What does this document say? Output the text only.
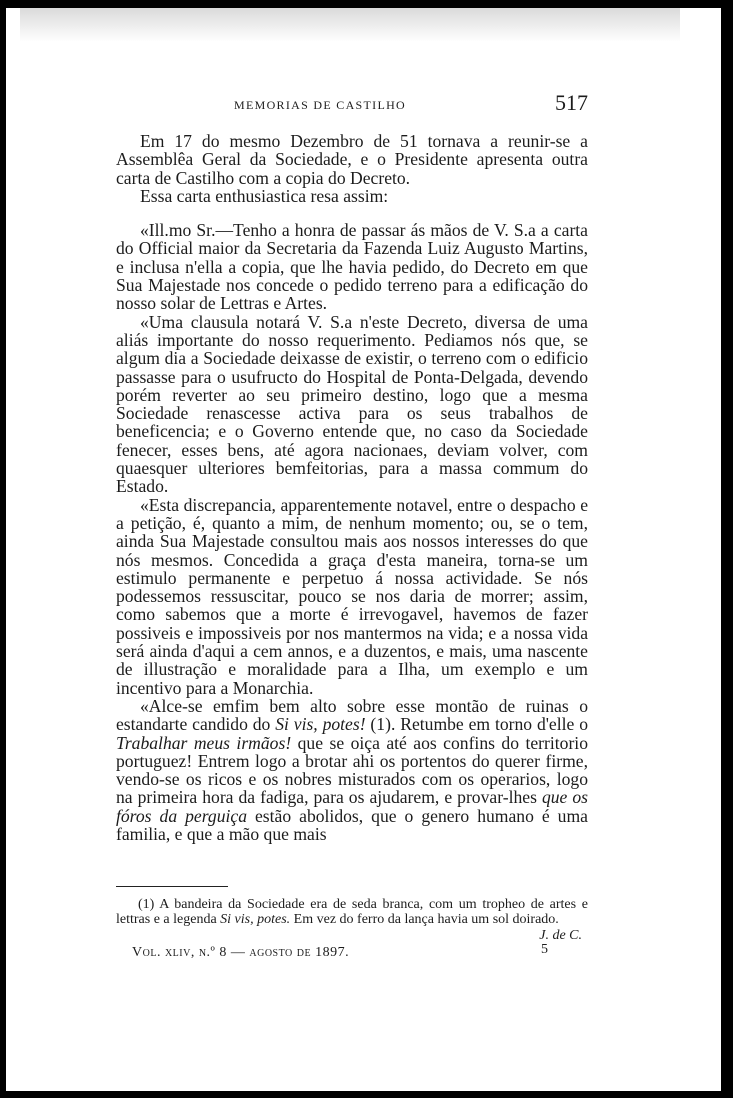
MEMORIAS DE CASTILHO	517

Em 17 do mesmo Dezembro de 51 tornava a reunir-se a Assemblêa Geral da Sociedade, e o Presidente apresenta outra carta de Castilho com a copia do Decreto.

Essa carta enthusiastica resa assim:

«Ill.mo Sr.—Tenho a honra de passar ás mãos de V. S.a a carta do Official maior da Secretaria da Fazenda Luiz Augusto Martins, e inclusa n'ella a copia, que lhe havia pedido, do Decreto em que Sua Majestade nos concede o pedido terreno para a edificação do nosso solar de Lettras e Artes.

«Uma clausula notará V. S.a n'este Decreto, diversa de uma aliás importante do nosso requerimento. Pediamos nós que, se algum dia a Sociedade deixasse de existir, o terreno com o edificio passasse para o usufructo do Hospital de Ponta-Delgada, devendo porém reverter ao seu primeiro destino, logo que a mesma Sociedade renascesse activa para os seus trabalhos de beneficencia; e o Governo entende que, no caso da Sociedade fenecer, esses bens, até agora nacionaes, deviam volver, com quaesquer ulteriores bemfeitorias, para a massa commum do Estado.

«Esta discrepancia, apparentemente notavel, entre o despacho e a petição, é, quanto a mim, de nenhum momento; ou, se o tem, ainda Sua Majestade consultou mais aos nossos interesses do que nós mesmos. Concedida a graça d'esta maneira, torna-se um estimulo permanente e perpetuo á nossa actividade. Se nós podessemos ressuscitar, pouco se nos daria de morrer; assim, como sabemos que a morte é irrevogavel, havemos de fazer possiveis e impossiveis por nos mantermos na vida; e a nossa vida será ainda d'aqui a cem annos, e a duzentos, e mais, uma nascente de illustração e moralidade para a Ilha, um exemplo e um incentivo para a Monarchia.

«Alce-se emfim bem alto sobre esse montão de ruinas o estandarte candido do Si vis, potes! (1). Retumbe em torno d'elle o Trabalhar meus irmãos! que se oiça até aos confins do territorio portuguez! Entrem logo a brotar ahi os portentos do querer firme, vendo-se os ricos e os nobres misturados com os operarios, logo na primeira hora da fadiga, para os ajudarem, e provar-lhes que os fóros da perguiça estão abolidos, que o genero humano é uma familia, e que a mão que mais

(1) A bandeira da Sociedade era de seda branca, com um tropheo de artes e lettras e a legenda Si vis, potes. Em vez do ferro da lança havia um sol doirado.

J. de C.
Vol. xliv, n.º 8 — agosto de 1897.	5
